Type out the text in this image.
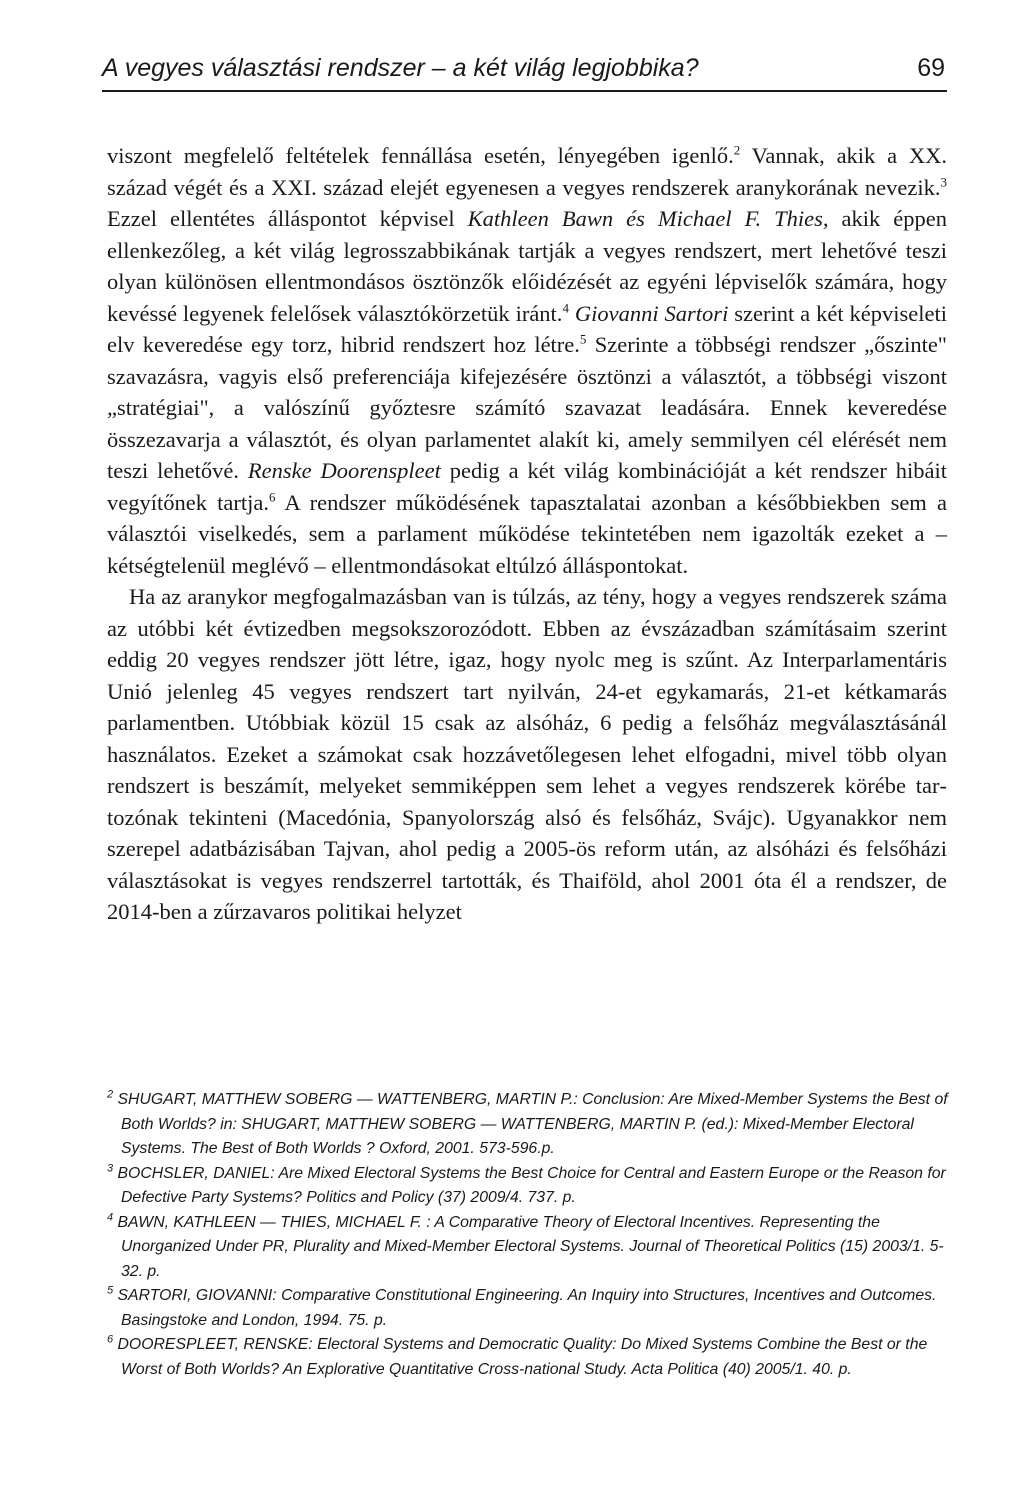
A vegyes választási rendszer – a két világ legjobbika?	69

viszont megfelelő feltételek fennállása esetén, lényegében igenlő.$^2$ Vannak, akik a XX. század végét és a XXI. század elejét egyenesen a vegyes rendszerek aranykorának nevezik.$^3$ Ezzel ellentétes álláspontot képvisel Kathleen Bawn és Michael F. Thies, akik éppen ellenkezőleg, a két világ legrosszabbikának tartják a vegyes rendszert, mert lehetővé teszi olyan különösen ellentmondásos ösztönzők előidézését az egyéni lépviselők számára, hogy kevéssé legyenek felelősek választókörzetük iránt.$^4$ Giovanni Sartori szerint a két képviseleti elv keveredése egy torz, hibrid rendszert hoz létre.$^5$ Szerinte a többségi rendszer „őszinte" szavazásra, vagyis első preferenciája kifejezésére ösztönzi a választót, a többségi viszont „stratégiai", a valószínű győztesre számító szavazat leadására. Ennek keveredése összezavarja a választót, és olyan parlamentet alakít ki, amely semmilyen cél elérését nem teszi lehetővé. Renske Doorenspleet pedig a két világ kombinációját a két rendszer hibáit vegyítőnek tartja.$^6$ A rendszer működésének tapasztalatai azonban a későbbiekben sem a választói viselkedés, sem a parlament működése tekintetében nem igazolták ezeket a – kétségtelenül meglévő – ellentmondásokat eltúlzó álláspontokat.

Ha az aranykor megfogalmazásban van is túlzás, az tény, hogy a vegyes rendszerek száma az utóbbi két évtizedben megsokszorozódott. Ebben az évszázadban számításaim szerint eddig 20 vegyes rendszer jött létre, igaz, hogy nyolc meg is szűnt. Az Interparlamentáris Unió jelenleg 45 vegyes rendszert tart nyilván, 24-et egykamarás, 21-et kétkamarás parlamentben. Utóbbiak közül 15 csak az alsóház, 6 pedig a felsőház megválasztásánál használatos. Ezeket a számokat csak hozzávetőlegesen lehet elfogadni, mivel több olyan rendszert is beszámít, melyeket semmiképpen sem lehet a vegyes rendszerek körébe tartozónak tekinteni (Macedónia, Spanyolország alsó és felsőház, Svájc). Ugyanakkor nem szerepel adatbázisában Tajvan, ahol pedig a 2005-ös reform után, az alsóházi és felsőházi választásokat is vegyes rendszerrel tartották, és Thaiföld, ahol 2001 óta él a rendszer, de 2014-ben a zűrzavaros politikai helyzet

$^2$ SHUGART, MATTHEW SOBERG — WATTENBERG, MARTIN P.: Conclusion: Are Mixed-Member Systems the Best of Both Worlds? in: SHUGART, MATTHEW SOBERG — WATTENBERG, MARTIN P. (ed.): Mixed-Member Electoral Systems. The Best of Both Worlds ? Oxford, 2001. 573-596.p.

$^3$ BOCHSLER, DANIEL: Are Mixed Electoral Systems the Best Choice for Central and Eastern Europe or the Reason for Defective Party Systems? Politics and Policy (37) 2009/4. 737. p.

$^4$ BAWN, KATHLEEN — THIES, MICHAEL F. : A Comparative Theory of Electoral Incentives. Representing the Unorganized Under PR, Plurality and Mixed-Member Electoral Systems. Journal of Theoretical Politics (15) 2003/1. 5-32. p.

$^5$ SARTORI, GIOVANNI: Comparative Constitutional Engineering. An Inquiry into Structures, Incentives and Outcomes. Basingstoke and London, 1994. 75. p.

$^6$ DOORESPLEET, RENSKE: Electoral Systems and Democratic Quality: Do Mixed Systems Combine the Best or the Worst of Both Worlds? An Explorative Quantitative Cross-national Study. Acta Politica (40) 2005/1. 40. p.
